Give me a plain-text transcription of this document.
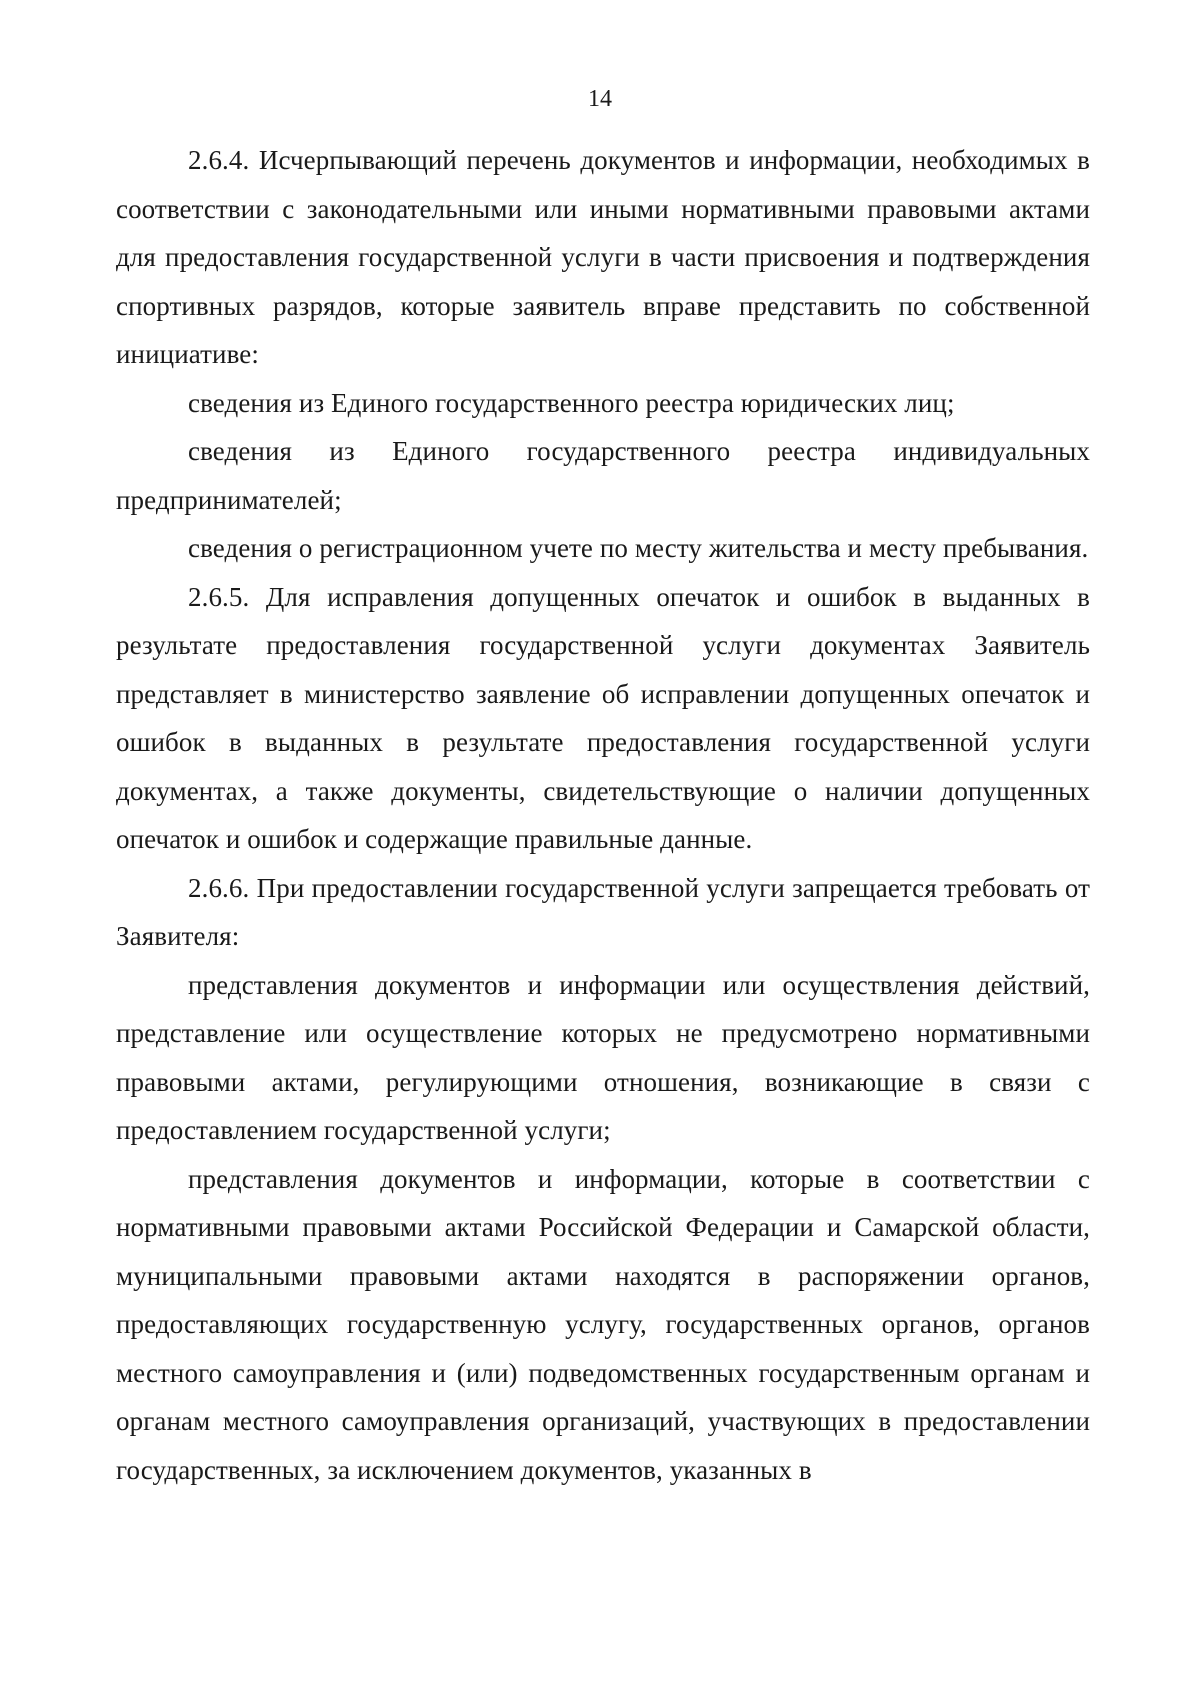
14

2.6.4. Исчерпывающий перечень документов и информации, необходимых в соответствии с законодательными или иными нормативными правовыми актами для предоставления государственной услуги в части присвоения и подтверждения спортивных разрядов, которые заявитель вправе представить по собственной инициативе:

сведения из Единого государственного реестра юридических лиц;

сведения из Единого государственного реестра индивидуальных предпринимателей;

сведения о регистрационном учете по месту жительства и месту пребывания.

2.6.5. Для исправления допущенных опечаток и ошибок в выданных в результате предоставления государственной услуги документах Заявитель представляет в министерство заявление об исправлении допущенных опечаток и ошибок в выданных в результате предоставления государственной услуги документах, а также документы, свидетельствующие о наличии допущенных опечаток и ошибок и содержащие правильные данные.

2.6.6. При предоставлении государственной услуги запрещается требовать от Заявителя:

представления документов и информации или осуществления действий, представление или осуществление которых не предусмотрено нормативными правовыми актами, регулирующими отношения, возникающие в связи с предоставлением государственной услуги;

представления документов и информации, которые в соответствии с нормативными правовыми актами Российской Федерации и Самарской области, муниципальными правовыми актами находятся в распоряжении органов, предоставляющих государственную услугу, государственных органов, органов местного самоуправления и (или) подведомственных государственным органам и органам местного самоуправления организаций, участвующих в предоставлении государственных, за исключением документов, указанных в
